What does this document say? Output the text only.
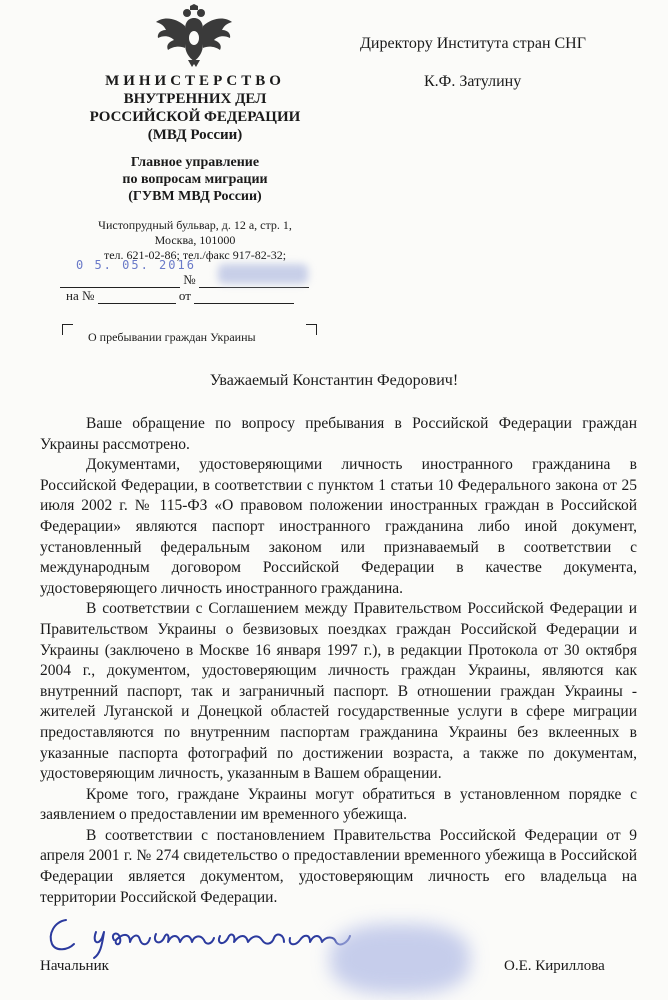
МИНИСТЕРСТВО
ВНУТРЕННИХ ДЕЛ
РОССИЙСКОЙ ФЕДЕРАЦИИ
(МВД России)
Главное управление
по вопросам миграции
(ГУВМ МВД России)
Чистопрудный бульвар, д. 12 а, стр. 1,
Москва, 101000
тел. 621-02-86; тел./факс 917-82-32;
0 5. 05. 2016
№
на №	от
О пребывании граждан Украины
Директору Института стран СНГ
К.Ф. Затулину
Уважаемый Константин Федорович!

Ваше обращение по вопросу пребывания в Российской Федерации граждан Украины рассмотрено.

Документами, удостоверяющими личность иностранного гражданина в Российской Федерации, в соответствии с пунктом 1 статьи 10 Федерального закона от 25 июля 2002 г. № 115-ФЗ «О правовом положении иностранных граждан в Российской Федерации» являются паспорт иностранного гражданина либо иной документ, установленный федеральным законом или признаваемый в соответствии с международным договором Российской Федерации в качестве документа, удостоверяющего личность иностранного гражданина.

В соответствии с Соглашением между Правительством Российской Федерации и Правительством Украины о безвизовых поездках граждан Российской Федерации и Украины (заключено в Москве 16 января 1997 г.), в редакции Протокола от 30 октября 2004 г., документом, удостоверяющим личность граждан Украины, являются как внутренний паспорт, так и заграничный паспорт. В отношении граждан Украины - жителей Луганской и Донецкой областей государственные услуги в сфере миграции предоставляются по внутренним паспортам гражданина Украины без вклеенных в указанные паспорта фотографий по достижении возраста, а также по документам, удостоверяющим личность, указанным в Вашем обращении.

Кроме того, граждане Украины могут обратиться в установленном порядке с заявлением о предоставлении им временного убежища.

В соответствии с постановлением Правительства Российской Федерации от 9 апреля 2001 г. № 274 свидетельство о предоставлении временного убежища в Российской Федерации является документом, удостоверяющим личность его владельца на территории Российской Федерации.

Начальник	О.Е. Кириллова
